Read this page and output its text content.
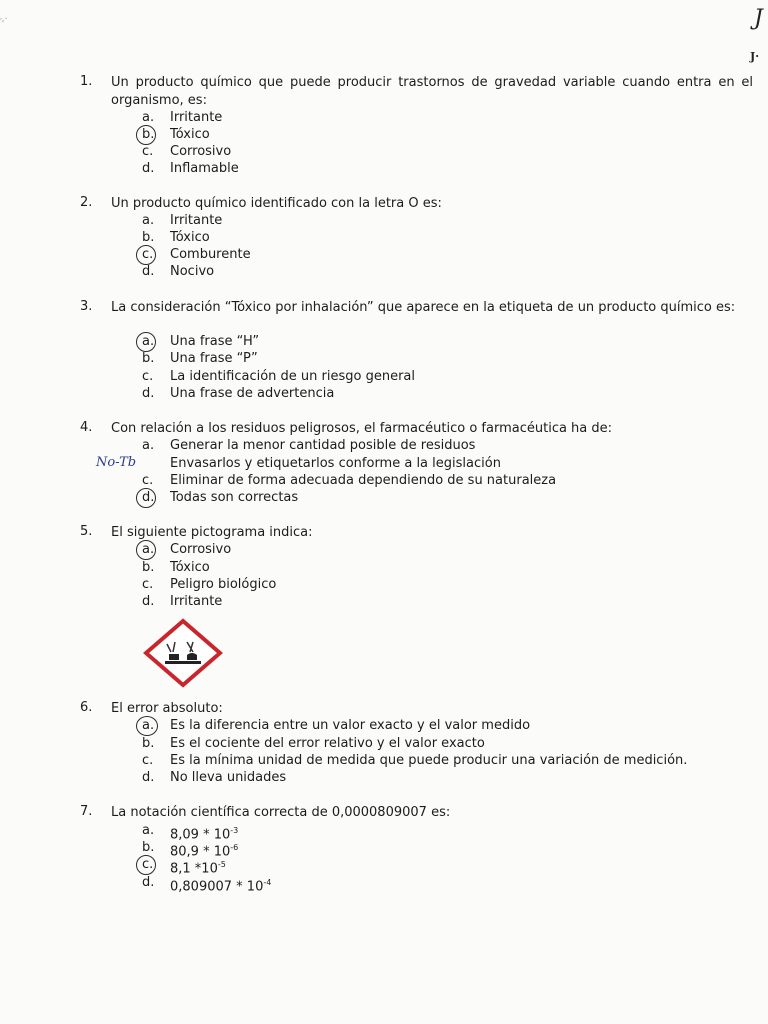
’‹¨	J
J·
1. Un producto químico que puede producir trastornos de gravedad variable cuando entra en el organismo, es:
a. Irritante
b. Tóxico
c. Corrosivo
d. Inflamable
2. Un producto químico identificado con la letra O es:
a. Irritante
b. Tóxico
c. Comburente
d. Nocivo
3. La consideración “Tóxico por inhalación” que aparece en la etiqueta de un producto químico es:
a. Una frase “H”
b. Una frase “P”
c. La identificación de un riesgo general
d. Una frase de advertencia
4. Con relación a los residuos peligrosos, el farmacéutico o farmacéutica ha de:
a. Generar la menor cantidad posible de residuos
No-Tb	Envasarlos y etiquetarlos conforme a la legislación
c. Eliminar de forma adecuada dependiendo de su naturaleza
d. Todas son correctas
5. El siguiente pictograma indica:
a. Corrosivo
b. Tóxico
c. Peligro biológico
d. Irritante
6. El error absoluto:
a. Es la diferencia entre un valor exacto y el valor medido
b. Es el cociente del error relativo y el valor exacto
c. Es la mínima unidad de medida que puede producir una variación de medición.
d. No lleva unidades
7. La notación científica correcta de 0,0000809007 es:
a. $8,09 * 10^{-3}$
b. $80,9 * 10^{-6}$
c. 8,1 $*10^{-5}$
d. $0,809007 * 10^{-4}$
